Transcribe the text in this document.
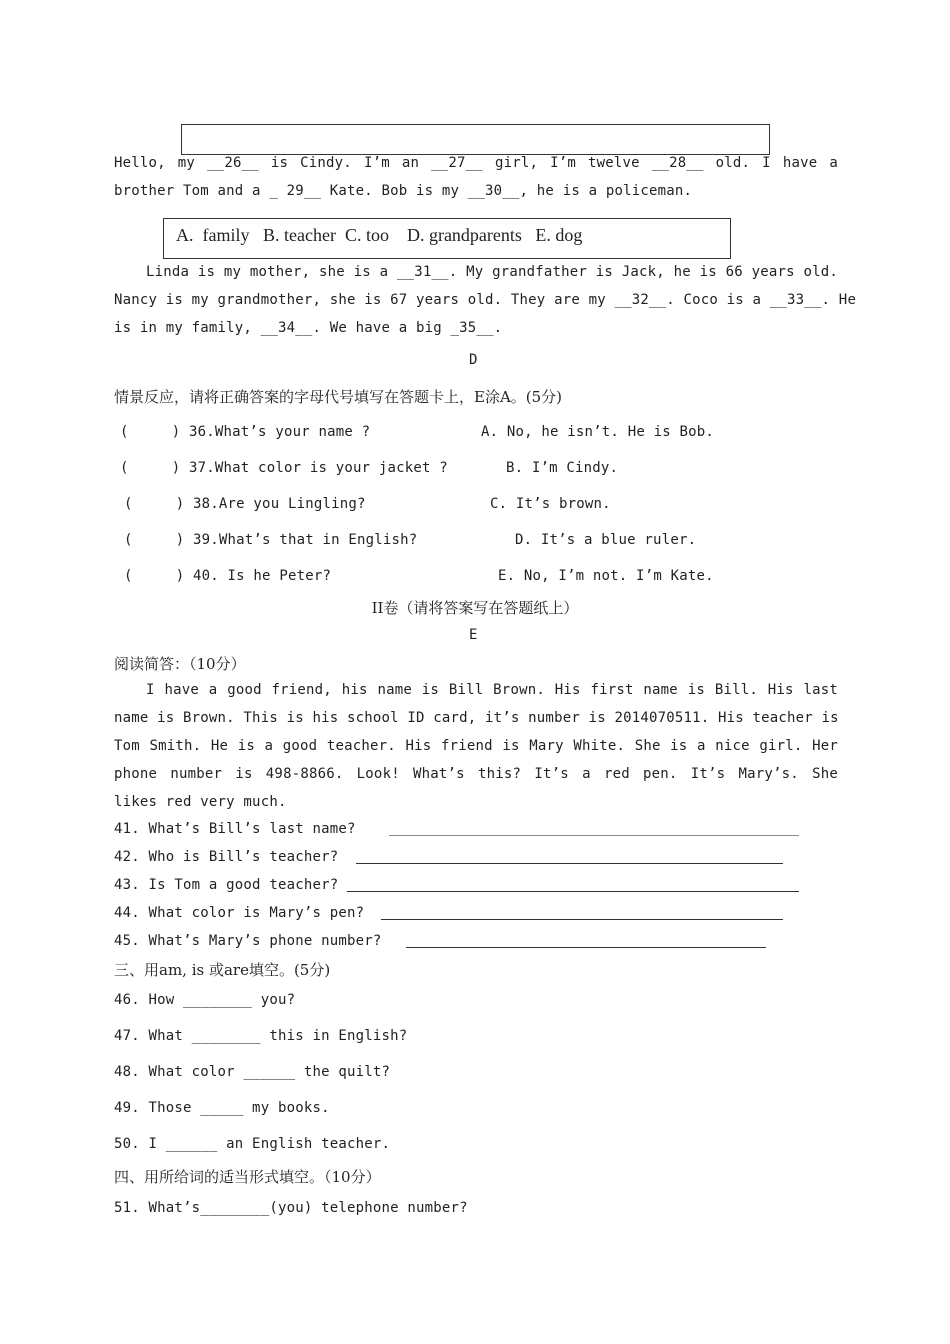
Hello, my __26__ is Cindy. I’m an __27__ girl, I’m twelve __28__ old. I have a
brother Tom and a _ 29__ Kate. Bob is my __30__, he is a policeman.
A.  family   B. teacher  C. too    D. grandparents   E. dog
Linda is my mother, she is a __31__. My grandfather is Jack, he is 66 years old.
Nancy is my grandmother, she is 67 years old. They are my __32__. Coco is a __33__. He
is in my family, __34__. We have a big _35__.
D
情景反应，请将正确答案的字母代号填写在答题卡上，E涂A。(5分)
(     ) 36.What’s your name ?	A. No, he isn’t. He is Bob.
(     ) 37.What color is your jacket ?	B. I’m Cindy.
(     ) 38.Are you Lingling?	C. It’s brown.
(     ) 39.What’s that in English?	D. It’s a blue ruler.
(     ) 40. Is he Peter?	E. No, I’m not. I’m Kate.
II卷（请将答案写在答题纸上）
E
阅读简答：（10分）
I have a good friend, his name is Bill Brown. His first name is Bill. His last
name is Brown. This is his school ID card, it’s number is 2014070511. His teacher is
Tom Smith. He is a good teacher. His friend is Mary White. She is a nice girl. Her
phone number is 498-8866. Look! What’s this? It’s a red pen. It’s Mary’s. She
likes red very much.
41. What’s Bill’s last name?
42. Who is Bill’s teacher?
43. Is Tom a good teacher?
44. What color is Mary’s pen?
45. What’s Mary’s phone number?
三、用am, is 或are填空。(5分)
46. How ________ you?
47. What ________ this in English?
48. What color ______ the quilt?
49. Those _____ my books.
50. I ______ an English teacher.
四、用所给词的适当形式填空。（10分）
51. What’s________(you) telephone number?
